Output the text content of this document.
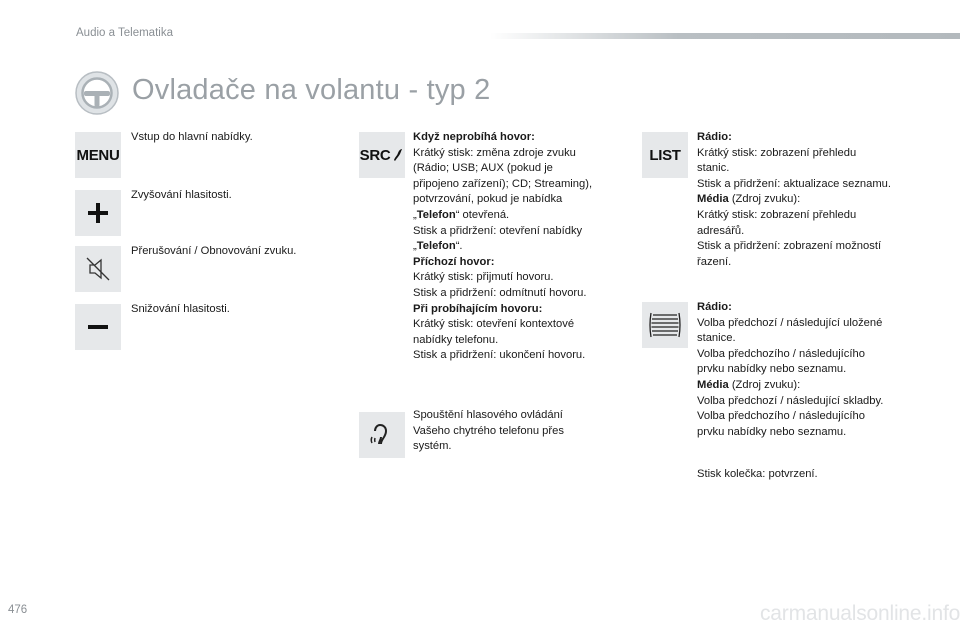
Audio a Telematika
Ovladače na volantu - typ 2
MENU
Vstup do hlavní nabídky.
Zvyšování hlasitosti.
Přerušování / Obnovování zvuku.
Snižování hlasitosti.
SRC
Když neprobíhá hovor:
Krátký stisk: změna zdroje zvuku
(Rádio; USB; AUX (pokud je
připojeno zařízení); CD; Streaming),
potvrzování, pokud je nabídka
„Telefon“ otevřená.
Stisk a přidržení: otevření nabídky
„Telefon“.
Příchozí hovor:
Krátký stisk: přijmutí hovoru.
Stisk a přidržení: odmítnutí hovoru.
Při probíhajícím hovoru:
Krátký stisk: otevření kontextové
nabídky telefonu.
Stisk a přidržení: ukončení hovoru.
Spouštění hlasového ovládání
Vašeho chytrého telefonu přes
systém.
LIST
Rádio:
Krátký stisk: zobrazení přehledu
stanic.
Stisk a přidržení: aktualizace seznamu.
Média (Zdroj zvuku):
Krátký stisk: zobrazení přehledu
adresářů.
Stisk a přidržení: zobrazení možností
řazení.
Rádio:
Volba předchozí / následující uložené
stanice.
Volba předchozího / následujícího
prvku nabídky nebo seznamu.
Média (Zdroj zvuku):
Volba předchozí / následující skladby.
Volba předchozího / následujícího
prvku nabídky nebo seznamu.
Stisk kolečka: potvrzení.
476	carmanualsonline.info
